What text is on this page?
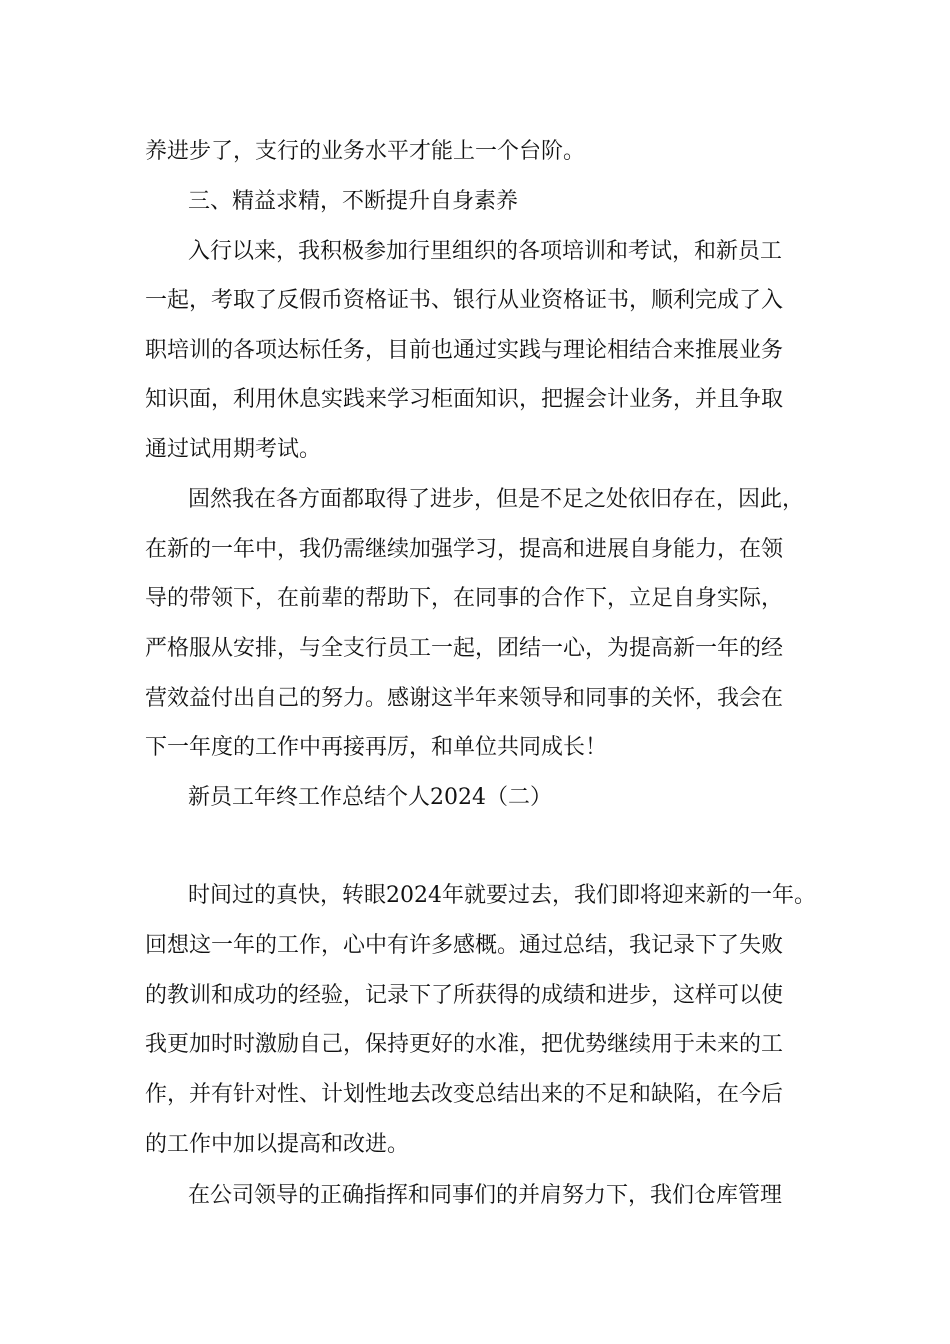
养进步了，支行的业务水平才能上一个台阶。
三、精益求精，不断提升自身素养
入行以来，我积极参加行里组织的各项培训和考试，和新员工
一起，考取了反假币资格证书、银行从业资格证书，顺利完成了入
职培训的各项达标任务，目前也通过实践与理论相结合来推展业务
知识面，利用休息实践来学习柜面知识，把握会计业务，并且争取
通过试用期考试。
固然我在各方面都取得了进步，但是不足之处依旧存在，因此，
在新的一年中，我仍需继续加强学习，提高和进展自身能力，在领
导的带领下，在前辈的帮助下，在同事的合作下，立足自身实际，
严格服从安排，与全支行员工一起，团结一心，为提高新一年的经
营效益付出自己的努力。感谢这半年来领导和同事的关怀，我会在
下一年度的工作中再接再厉，和单位共同成长！
新员工年终工作总结个人2024（二）
时间过的真快，转眼2024年就要过去，我们即将迎来新的一年。
回想这一年的工作，心中有许多感概。通过总结，我记录下了失败
的教训和成功的经验，记录下了所获得的成绩和进步，这样可以使
我更加时时激励自己，保持更好的水准，把优势继续用于未来的工
作，并有针对性、计划性地去改变总结出来的不足和缺陷，在今后
的工作中加以提高和改进。
在公司领导的正确指挥和同事们的并肩努力下，我们仓库管理
